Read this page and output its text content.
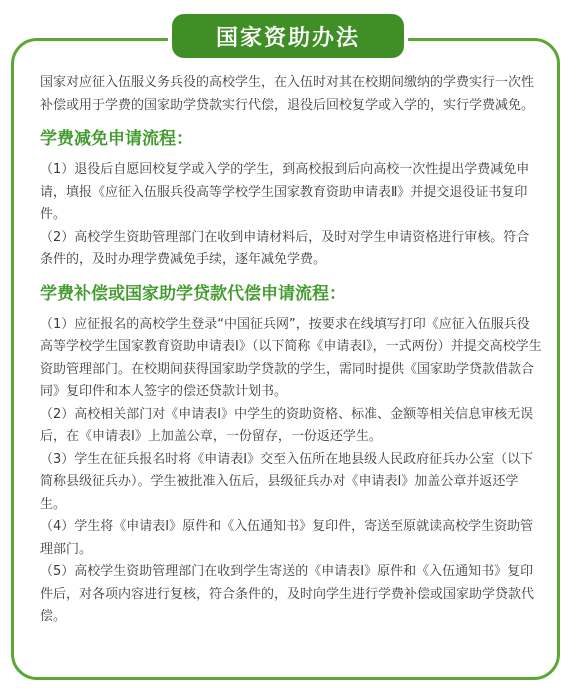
国家资助办法

国家对应征入伍服义务兵役的高校学生，在入伍时对其在校期间缴纳的学费实行一次性补偿或用于学费的国家助学贷款实行代偿，退役后回校复学或入学的，实行学费减免。

学费减免申请流程：

（1）退役后自愿回校复学或入学的学生，到高校报到后向高校一次性提出学费减免申请，填报《应征入伍服兵役高等学校学生国家教育资助申请表Ⅱ》并提交退役证书复印件。

（2）高校学生资助管理部门在收到申请材料后，及时对学生申请资格进行审核。符合条件的，及时办理学费减免手续，逐年减免学费。

学费补偿或国家助学贷款代偿申请流程：

（1）应征报名的高校学生登录“中国征兵网”，按要求在线填写打印《应征入伍服兵役高等学校学生国家教育资助申请表Ⅰ》（以下简称《申请表Ⅰ》，一式两份）并提交高校学生资助管理部门。在校期间获得国家助学贷款的学生，需同时提供《国家助学贷款借款合同》复印件和本人签字的偿还贷款计划书。

（2）高校相关部门对《申请表Ⅰ》中学生的资助资格、标准、金额等相关信息审核无误后，在《申请表Ⅰ》上加盖公章，一份留存，一份返还学生。

（3）学生在征兵报名时将《申请表Ⅰ》交至入伍所在地县级人民政府征兵办公室（以下简称县级征兵办）。学生被批准入伍后，县级征兵办对《申请表Ⅰ》加盖公章并返还学生。

（4）学生将《申请表Ⅰ》原件和《入伍通知书》复印件，寄送至原就读高校学生资助管理部门。

（5）高校学生资助管理部门在收到学生寄送的《申请表Ⅰ》原件和《入伍通知书》复印件后，对各项内容进行复核，符合条件的，及时向学生进行学费补偿或国家助学贷款代偿。
